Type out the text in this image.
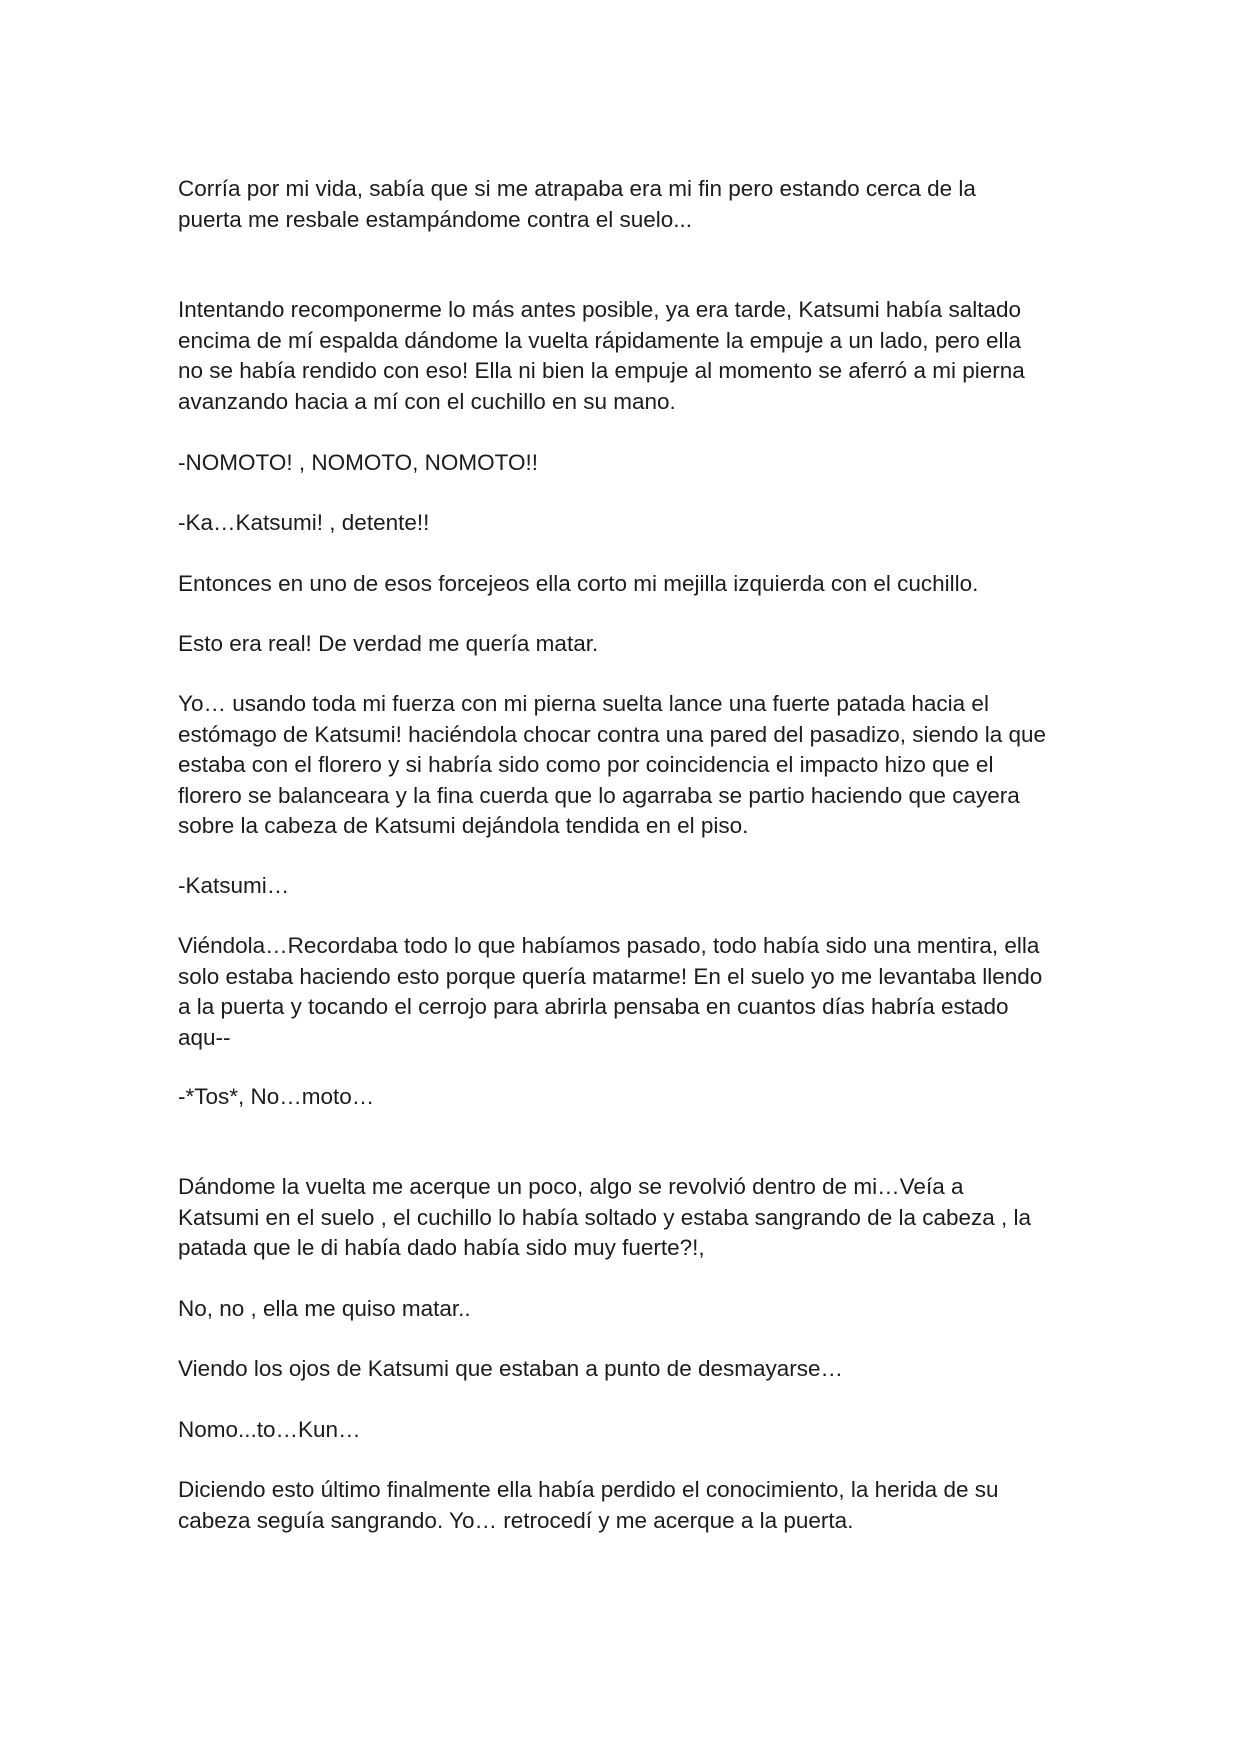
Corría por mi vida, sabía que si me atrapaba era mi fin pero estando cerca de la
puerta me resbale estampándome contra el suelo...
Intentando recomponerme lo más antes posible, ya era tarde, Katsumi había saltado
encima de mí espalda dándome la vuelta rápidamente la empuje a un lado, pero ella
no se había rendido con eso! Ella ni bien la empuje al momento se aferró a mi pierna
avanzando hacia a mí con el cuchillo en su mano.
-NOMOTO! , NOMOTO, NOMOTO!!
-Ka…Katsumi! , detente!!
Entonces en uno de esos forcejeos ella corto mi mejilla izquierda con el cuchillo.
Esto era real! De verdad me quería matar.
Yo… usando toda mi fuerza con mi pierna suelta lance una fuerte patada hacia el
estómago de Katsumi! haciéndola chocar contra una pared del pasadizo, siendo la que
estaba con el florero y si habría sido como por coincidencia el impacto hizo que el
florero se balanceara y la fina cuerda que lo agarraba se partio haciendo que cayera
sobre la cabeza de Katsumi dejándola tendida en el piso.
-Katsumi…
Viéndola…Recordaba todo lo que habíamos pasado, todo había sido una mentira, ella
solo estaba haciendo esto porque quería matarme! En el suelo yo me levantaba llendo
a la puerta y tocando el cerrojo para abrirla pensaba en cuantos días habría estado
aqu--
-*Tos*, No…moto…
Dándome la vuelta me acerque un poco, algo se revolvió dentro de mi…Veía a
Katsumi en el suelo , el cuchillo lo había soltado y estaba sangrando de la cabeza , la
patada que le di había dado había sido muy fuerte?!,
No, no , ella me quiso matar..
Viendo los ojos de Katsumi que estaban a punto de desmayarse…
Nomo...to…Kun…
Diciendo esto último finalmente ella había perdido el conocimiento, la herida de su
cabeza seguía sangrando. Yo… retrocedí y me acerque a la puerta.
